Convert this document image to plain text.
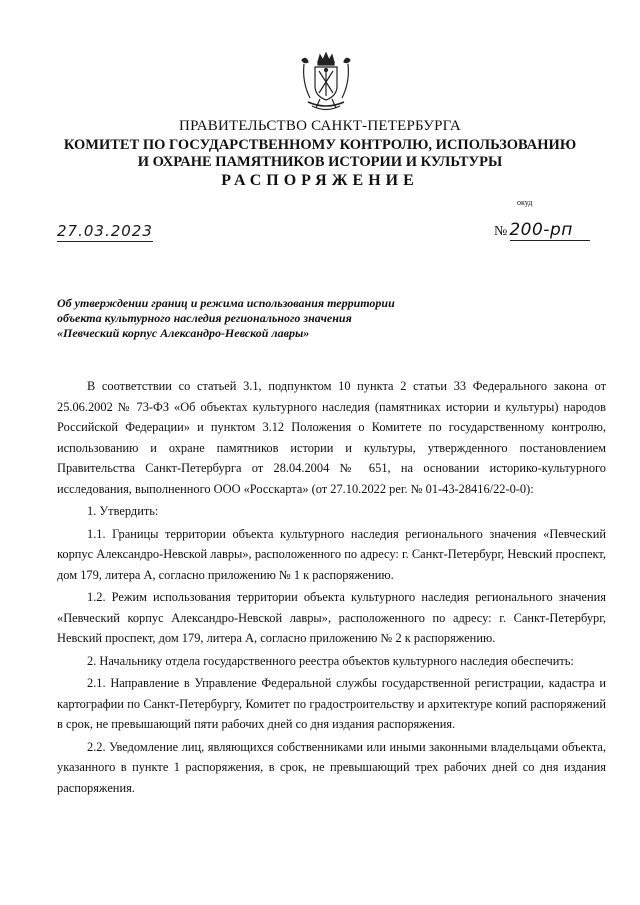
ПРАВИТЕЛЬСТВО САНКТ-ПЕТЕРБУРГА
КОМИТЕТ ПО ГОСУДАРСТВЕННОМУ КОНТРОЛЮ, ИСПОЛЬЗОВАНИЮ
И ОХРАНЕ ПАМЯТНИКОВ ИСТОРИИ И КУЛЬТУРЫ
РАСПОРЯЖЕНИЕ
окуд
27.03.2023	№ 200-рп
Об утверждении границ и режима использования территории
объекта культурного наследия регионального значения
«Певческий корпус Александро-Невской лавры»

В соответствии со статьей 3.1, подпунктом 10 пункта 2 статьи 33 Федерального закона от 25.06.2002 № 73-ФЗ «Об объектах культурного наследия (памятниках истории и культуры) народов Российской Федерации» и пунктом 3.12 Положения о Комитете по государственному контролю, использованию и охране памятников истории и культуры, утвержденного постановлением Правительства Санкт-Петербурга от 28.04.2004 № 651, на основании историко-культурного исследования, выполненного ООО «Росскарта» (от 27.10.2022 рег. № 01-43-28416/22-0-0):

1. Утвердить:

1.1. Границы территории объекта культурного наследия регионального значения «Певческий корпус Александро-Невской лавры», расположенного по адресу: г. Санкт-Петербург, Невский проспект, дом 179, литера А, согласно приложению № 1 к распоряжению.

1.2. Режим использования территории объекта культурного наследия регионального значения «Певческий корпус Александро-Невской лавры», расположенного по адресу: г. Санкт-Петербург, Невский проспект, дом 179, литера А, согласно приложению № 2 к распоряжению.

2. Начальнику отдела государственного реестра объектов культурного наследия обеспечить:

2.1. Направление в Управление Федеральной службы государственной регистрации, кадастра и картографии по Санкт-Петербургу, Комитет по градостроительству и архитектуре копий распоряжений в срок, не превышающий пяти рабочих дней со дня издания распоряжения.

2.2. Уведомление лиц, являющихся собственниками или иными законными владельцами объекта, указанного в пункте 1 распоряжения, в срок, не превышающий трех рабочих дней со дня издания распоряжения.
